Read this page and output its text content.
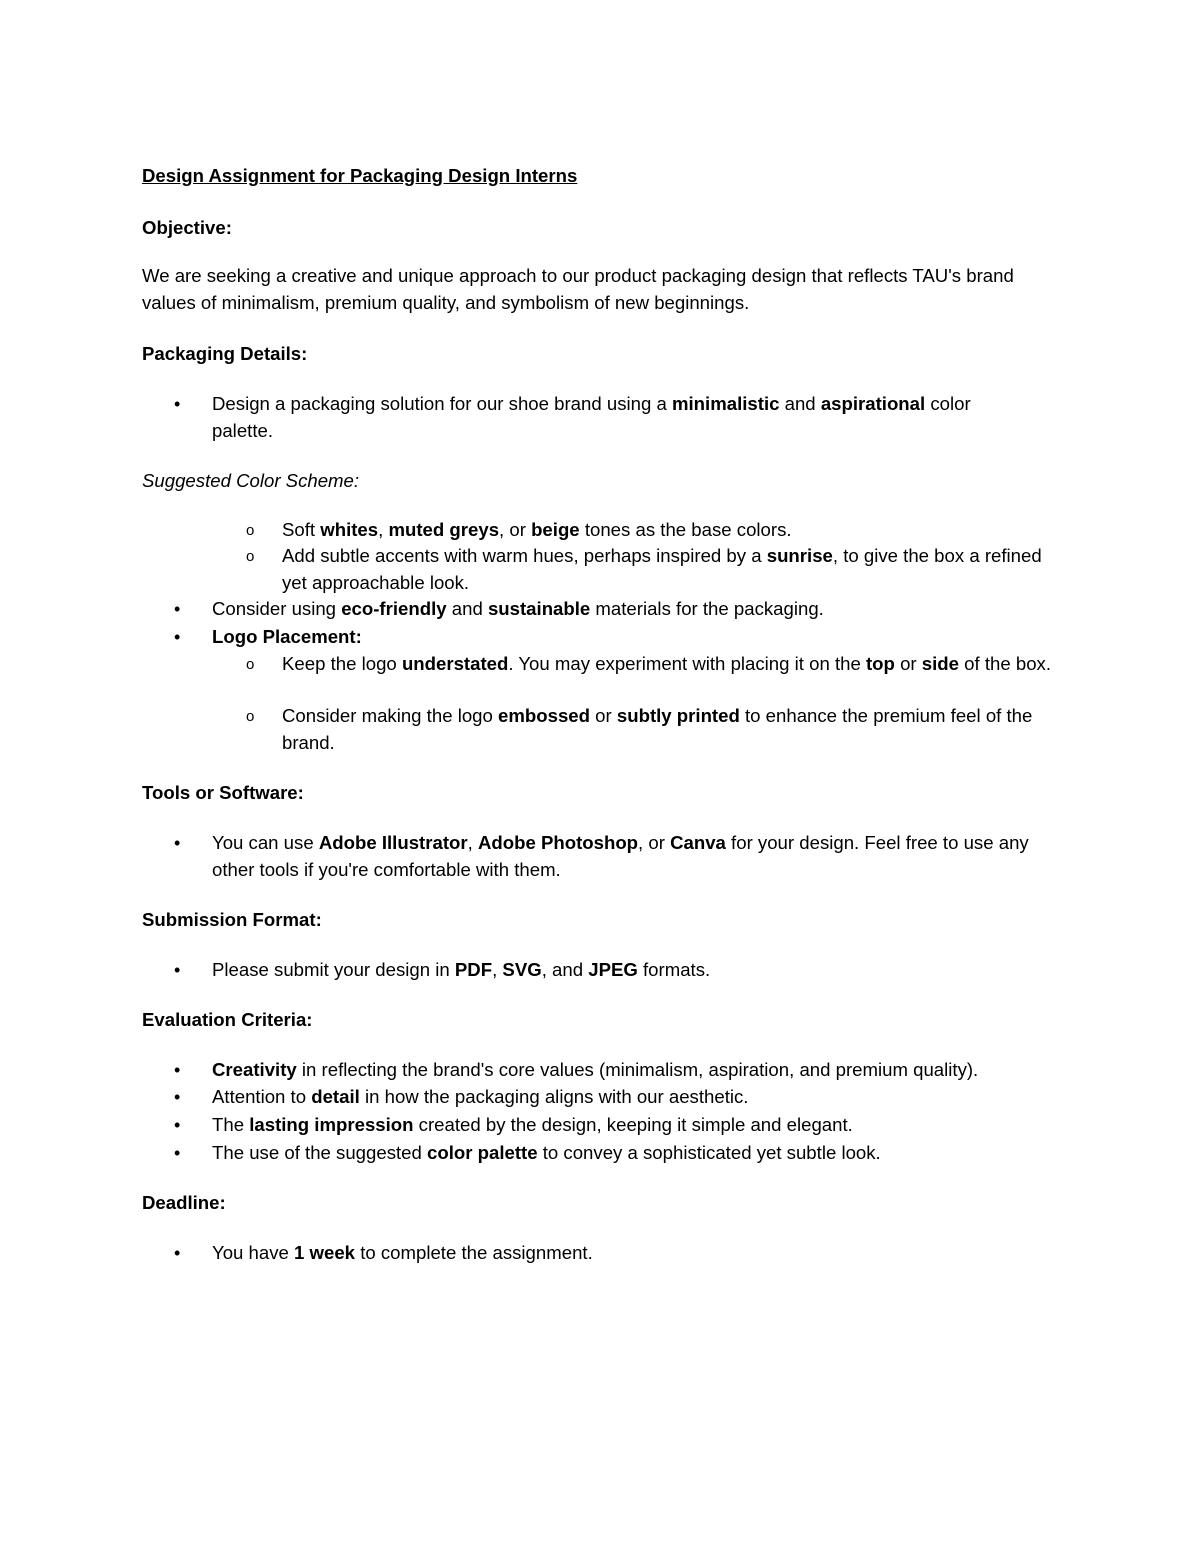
Design Assignment for Packaging Design Interns

Objective:

We are seeking a creative and unique approach to our product packaging design that reflects TAU's brand values of minimalism, premium quality, and symbolism of new beginnings.

Packaging Details:

• Design a packaging solution for our shoe brand using a minimalistic and aspirational color palette.

Suggested Color Scheme:

o Soft whites, muted greys, or beige tones as the base colors.

o Add subtle accents with warm hues, perhaps inspired by a sunrise, to give the box a refined yet approachable look.

• Consider using eco-friendly and sustainable materials for the packaging.

• Logo Placement:

o Keep the logo understated. You may experiment with placing it on the top or side of the box.

o Consider making the logo embossed or subtly printed to enhance the premium feel of the brand.

Tools or Software:

• You can use Adobe Illustrator, Adobe Photoshop, or Canva for your design. Feel free to use any other tools if you're comfortable with them.

Submission Format:

• Please submit your design in PDF, SVG, and JPEG formats.

Evaluation Criteria:

• Creativity in reflecting the brand's core values (minimalism, aspiration, and premium quality).

• Attention to detail in how the packaging aligns with our aesthetic.

• The lasting impression created by the design, keeping it simple and elegant.

• The use of the suggested color palette to convey a sophisticated yet subtle look.

Deadline:

• You have 1 week to complete the assignment.
